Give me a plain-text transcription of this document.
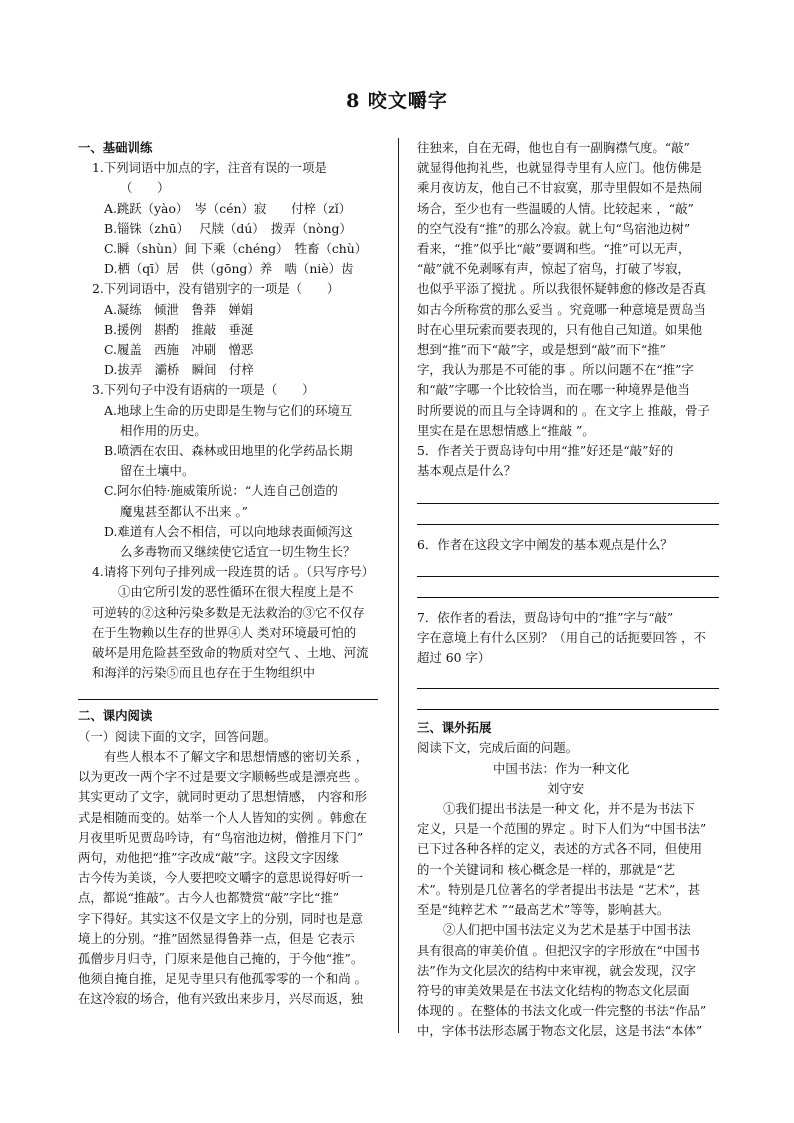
8 咬文嚼字
一、基础训练
1.下列词语中加点的字，注音有误的一项是
（　　）
A.跳跃（yào）　岑（cén）寂　　付梓（zǐ）
B.锱铢（zhū）　 尺牍（dú）　拨弄（nòng）
C.瞬（shùn）间 下乘（chéng）　牲畜（chù）
D.栖（qī）居　供（gōng）养　啮（niè）齿
2.下列词语中，没有错别字的一项是（　　）
A.凝练　倾泄　鲁莽　婵娟
B.援例　斟酌　推敲　垂涎
C.履盖　西施　冲刷　憎恶
D.拔弄　灞桥　瞬间　付梓
3.下列句子中没有语病的一项是（　　）
A.地球上生命的历史即是生物与它们的环境互
相作用的历史。
B.喷洒在农田、森林或田地里的化学药品长期
留在土壤中。
C.阿尔伯特·施威策所说：“人连自己创造的
魔鬼甚至都认不出来 。”
D.难道有人会不相信，可以向地球表面倾泻这
么多毒物而又继续使它适宜一切生物生长？
4.请将下列句子排列成一段连贯的话 。（只写序号）
①由它所引发的恶性循环在很大程度上是不
可逆转的②这种污染多数是无法救治的③它不仅存
在于生物赖以生存的世界④人 类对环境最可怕的
破坏是用危险甚至致命的物质对空气 、土地、河流
和海洋的污染⑤而且也存在于生物组织中
二、课内阅读
（一）阅读下面的文字，回答问题。
有些人根本不了解文字和思想情感的密切关系 ，
以为更改一两个字不过是要文字顺畅些或是漂亮些 。
其实更动了文字，就同时更动了思想情感， 内容和形
式是相随而变的。姑举一个人人皆知的实例 。韩愈在
月夜里听见贾岛吟诗，有“鸟宿池边树，僧推月下门”
两句，劝他把“推”字改成“敲”字。这段文字因缘
古今传为美谈，今人要把咬文嚼字的意思说得好听一
点，都说“推敲”。古今人也都赞赏“敲”字比“推”
字下得好。其实这不仅是文字上的分别，同时也是意
境上的分别。“推”固然显得鲁莽一点，但是 它表示
孤僧步月归寺，门原来是他自己掩的，于今他“推”。
他须自掩自推，足见寺里只有他孤零零的一个和尚 。
在这冷寂的场合，他有兴致出来步月，兴尽而返，独
往独来，自在无碍，他也自有一副胸襟气度。“敲”
就显得他拘礼些，也就显得寺里有人应门。他仿佛是
乘月夜访友，他自己不甘寂寞，那寺里假如不是热闹
场合，至少也有一些温暖的人情。比较起来 ，“敲”
的空气没有“推”的那么冷寂。就上句“鸟宿池边树”
看来，“推”似乎比“敲”要调和些。“推”可以无声，
“敲”就不免剥啄有声，惊起了宿鸟，打破了岑寂，
也似乎平添了搅扰 。所以我很怀疑韩愈的修改是否真
如古今所称赏的那么妥当 。究竟哪一种意境是贾岛当
时在心里玩索而要表现的，只有他自己知道。如果他
想到“推”而下“敲”字，或是想到“敲”而下“推”
字，我认为那是不可能的事 。所以问题不在“推”字
和“敲”字哪一个比较恰当，而在哪一种境界是他当
时所要说的而且与全诗调和的 。在文字上 推敲，骨子
里实在是在思想情感上“推敲 ”。
5．作者关于贾岛诗句中用“推”好还是“敲”好的
基本观点是什么？
6．作者在这段文字中阐发的基本观点是什么？
7．依作者的看法，贾岛诗句中的“推”字与“敲”
字在意境上有什么区别？（用自己的话扼要回答 ，不
超过 60 字）
三、课外拓展
阅读下文，完成后面的问题。
中国书法：作为一种文化
刘守安
①我们提出书法是一种文 化，并不是为书法下
定义，只是一个范围的界定 。时下人们为“中国书法”
已下过各种各样的定义，表述的方式各不同，但使用
的一个关键词和 核心概念是一样的，那就是“艺
术”。特别是几位著名的学者提出书法是 “艺术”，甚
至是“纯粹艺术 ”“最高艺术”等等，影响甚大。
②人们把中国书法定义为艺术是基于中国书法
具有很高的审美价值 。但把汉字的字形放在“中国书
法”作为文化层次的结构中来审视，就会发现，汉字
符号的审美效果是在书法文化结构的物态文化层面
体现的 。在整体的书法文化或一件完整的书法“作品”
中，字体书法形态属于物态文化层，这是书法“本体”
